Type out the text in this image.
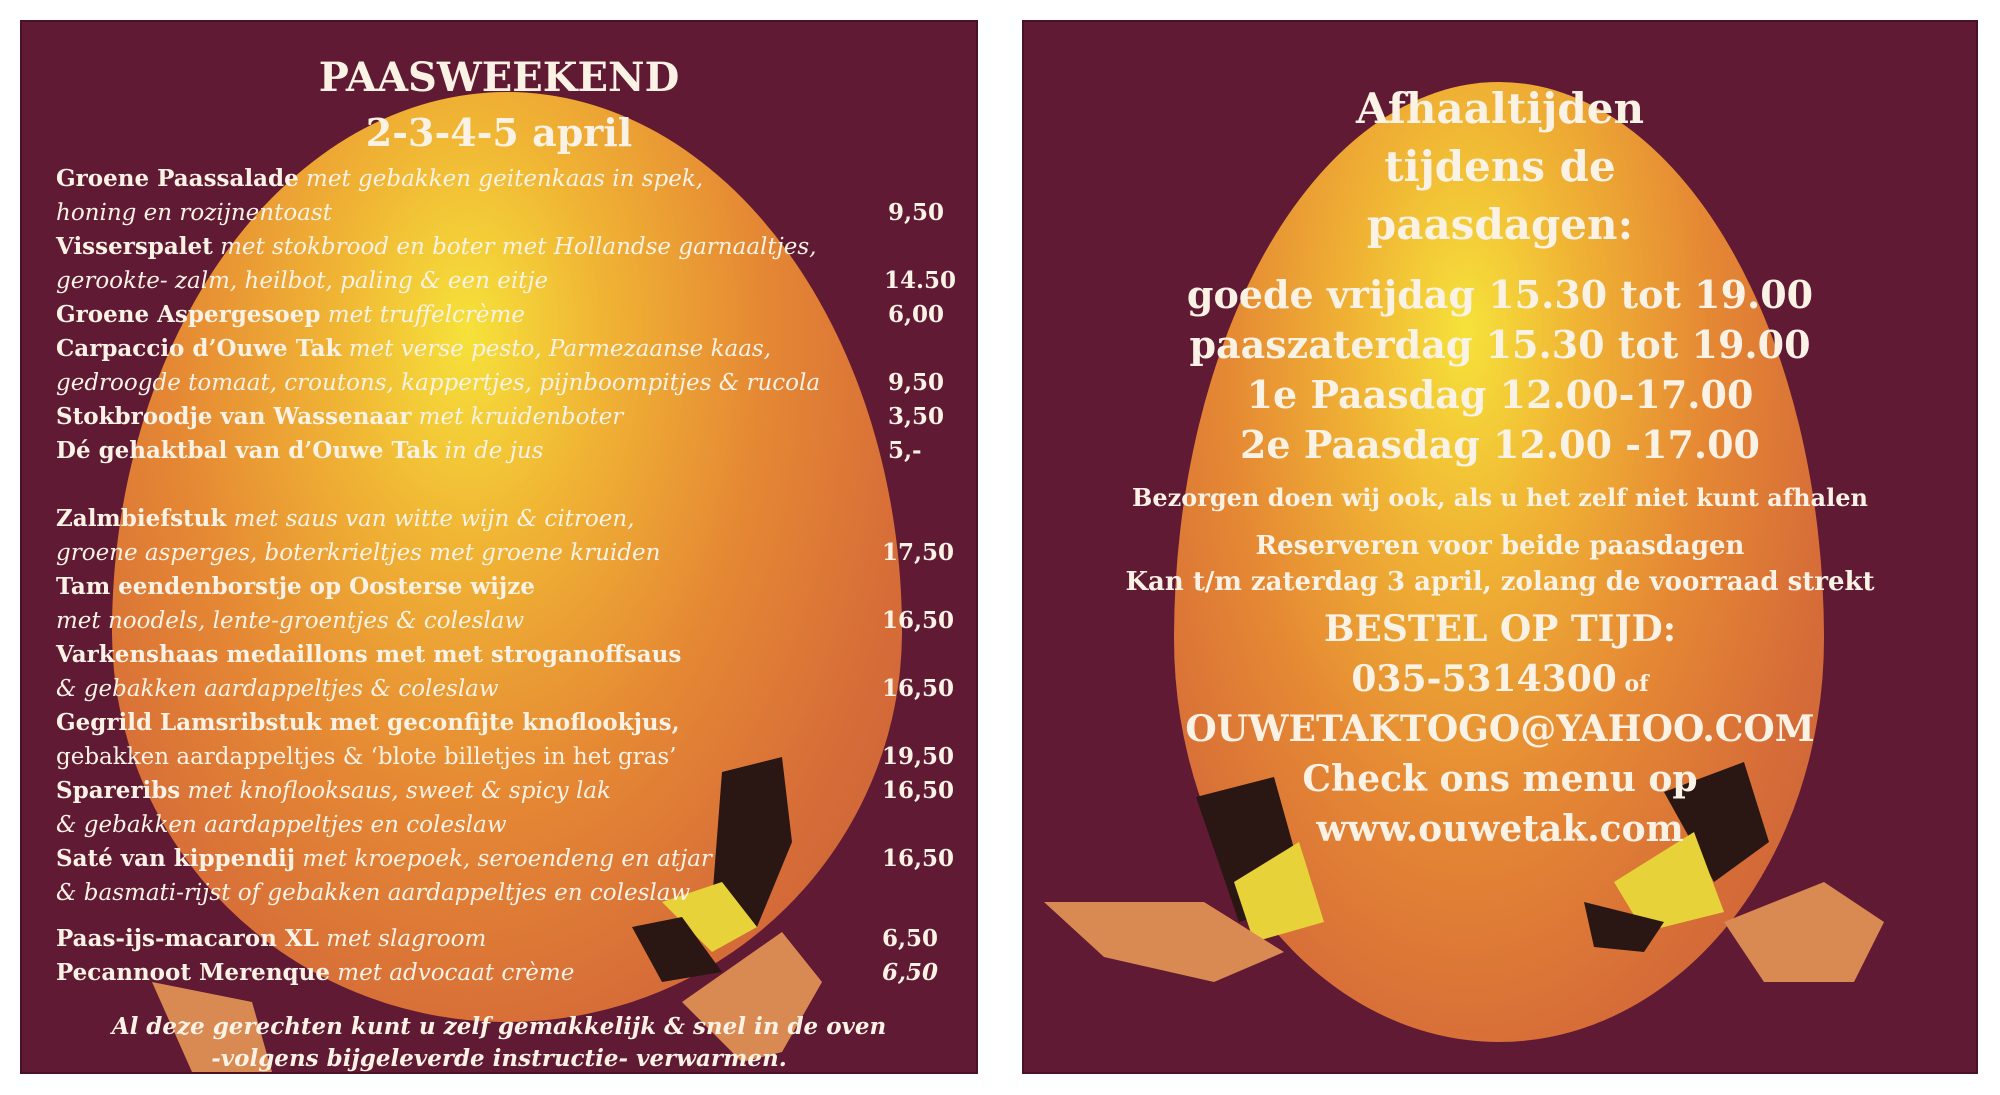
PAASWEEKEND
2-3-4-5 april
Groene Paassalade met gebakken geitenkaas in spek,
honing en rozijnentoast	9,50
Visserspalet met stokbrood en boter met Hollandse garnaaltjes,
gerookte- zalm, heilbot, paling & een eitje	14.50
Groene Aspergesoep met truffelcrème	6,00
Carpaccio d’Ouwe Tak met verse pesto, Parmezaanse kaas,
gedroogde tomaat, croutons, kappertjes, pijnboompitjes & rucola	9,50
Stokbroodje van Wassenaar met kruidenboter	3,50
Dé gehaktbal van d’Ouwe Tak in de jus	5,-
Zalmbiefstuk met saus van witte wijn & citroen,
groene asperges, boterkrieltjes met groene kruiden	17,50
Tam eendenborstje op Oosterse wijze
met noodels, lente-groentjes & coleslaw	16,50
Varkenshaas medaillons met met stroganoffsaus
& gebakken aardappeltjes & coleslaw	16,50
Gegrild Lamsribstuk met geconfijte knoflookjus,
gebakken aardappeltjes & ‘blote billetjes in het gras’	19,50
Spareribs met knoflooksaus, sweet & spicy lak	16,50
& gebakken aardappeltjes en coleslaw
Saté van kippendij met kroepoek, seroendeng en atjar	16,50
& basmati-rijst of gebakken aardappeltjes en coleslaw
Paas-ijs-macaron XL met slagroom	6,50
Pecannoot Merenque met advocaat crème	6,50
Al deze gerechten kunt u zelf gemakkelijk & snel in de oven
-volgens bijgeleverde instructie- verwarmen.
Afhaaltijden
tijdens de
paasdagen:
goede vrijdag 15.30 tot 19.00
paaszaterdag 15.30 tot 19.00
1e Paasdag 12.00-17.00
2e Paasdag 12.00 -17.00
Bezorgen doen wij ook, als u het zelf niet kunt afhalen
Reserveren voor beide paasdagen
Kan t/m zaterdag 3 april, zolang de voorraad strekt
BESTEL OP TIJD:
035-5314300 of
OUWETAKTOGO@YAHOO.COM
Check ons menu op
www.ouwetak.com
